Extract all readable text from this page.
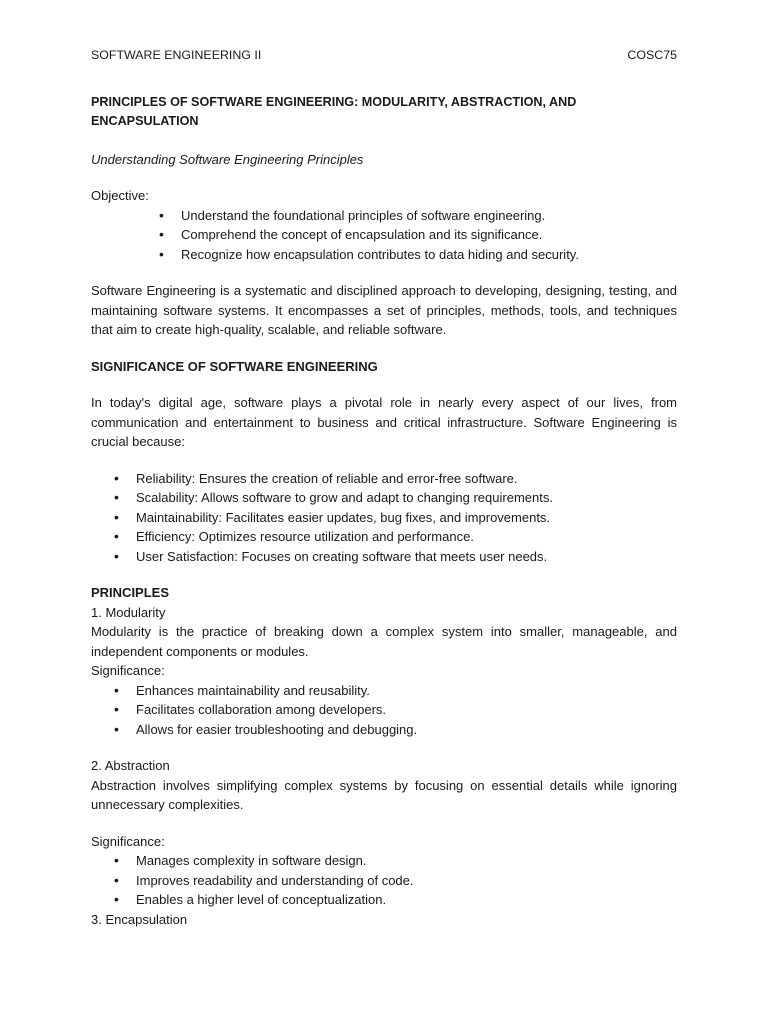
SOFTWARE ENGINEERING II	COSC75
PRINCIPLES OF SOFTWARE ENGINEERING: MODULARITY, ABSTRACTION, AND ENCAPSULATION
Understanding Software Engineering Principles
Objective:
• Understand the foundational principles of software engineering.
• Comprehend the concept of encapsulation and its significance.
• Recognize how encapsulation contributes to data hiding and security.

Software Engineering is a systematic and disciplined approach to developing, designing, testing, and maintaining software systems. It encompasses a set of principles, methods, tools, and techniques that aim to create high-quality, scalable, and reliable software.

SIGNIFICANCE OF SOFTWARE ENGINEERING

In today's digital age, software plays a pivotal role in nearly every aspect of our lives, from communication and entertainment to business and critical infrastructure. Software Engineering is crucial because:

• Reliability: Ensures the creation of reliable and error-free software.
• Scalability: Allows software to grow and adapt to changing requirements.
• Maintainability: Facilitates easier updates, bug fixes, and improvements.
• Efficiency: Optimizes resource utilization and performance.
• User Satisfaction: Focuses on creating software that meets user needs.
PRINCIPLES
1. Modularity

Modularity is the practice of breaking down a complex system into smaller, manageable, and independent components or modules.

Significance:
• Enhances maintainability and reusability.
• Facilitates collaboration among developers.
• Allows for easier troubleshooting and debugging.
2. Abstraction

Abstraction involves simplifying complex systems by focusing on essential details while ignoring unnecessary complexities.

Significance:
• Manages complexity in software design.
• Improves readability and understanding of code.
• Enables a higher level of conceptualization.
3. Encapsulation
